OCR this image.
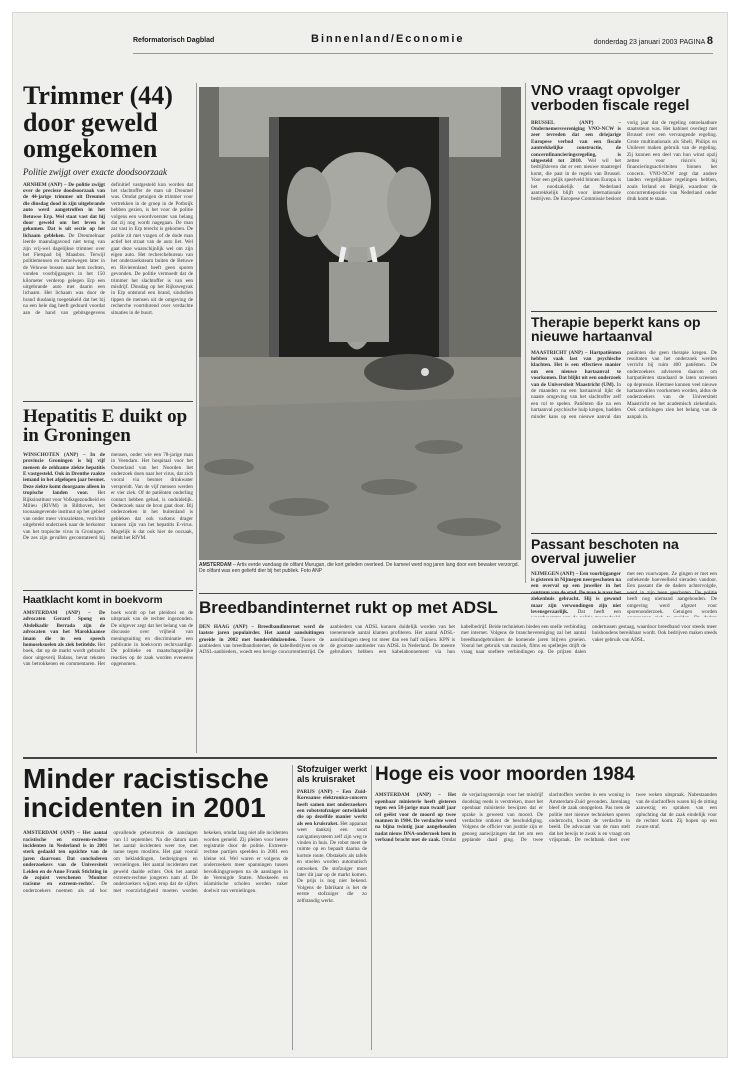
Reformatorisch Dagblad	Binnenland/Economie	donderdag 23 januari 2003 PAGINA 8
Trimmer (44) door geweld omgekomen
Politie zwijgt over exacte doodsoorzaak
ARNHEM (ANP) – De politie zwijgt over de precieze doodsoorzaak van de 44-jarige trimmer uit Dreumel die dinsdag dood in zijn uitgebrande auto werd aangetroffen in het Betuwse Erp. Wel staat vast dat hij door geweld om het leven is gekomen. Dat is uit sectie op het lichaam gebleken. De Dreumelnaar leerde maandagavond niet terug van zijn vrij-wel dagelijkse trimtoer over het Fietspad bij Maasbos. Terwijl politiemensen en hemelwegen later in de Veluwse bossen naar hem zochten, vonden voorbijgangers in het 150 kilometer verderop gelegen Erp een uitgebrande auto met daarin een lichaam. Het lichaam was door de brand dusdanig toegetakeld dat het bij na een hele dag heeft geduurd voordat aan de hand van gebitsgegevens definitief vastgesteld kon worden dat het slachtoffer de man uit Dreumel was. Omdat getuigen de trimmer voor vertrekken in de groep in de Potbuijk hebben gezien, is het voor de politie volgens een woordvoerster van belang dat zij nog wordt nagegaan. De man zat vast in Erp terecht is gekomen. De politie zit met vragen of de dode man actief het straat van de auto liet. Wel gaat deze waarschijnlijk wel om zijn eigen auto. Het recherchebureau van het onderzoeksteam buiten de Betuwe en Rivierenland heeft geen sporen gevonden. De politie vermoedt dat de trimmer het slachtoffer is van een misdrijf. Dinsdag op het Rijkswegvak in Erp ontstond een brand, sindsdien tippen de mensen uit de omgeving de recherche voortdurend over verdachte situaties in de buurt.
Hepatitis E duikt op in Groningen
WINSCHOTEN (ANP) – In de provincie Groningen is bij vijf mensen de zeldzame ziekte hepatitis E vastgesteld. Ook in Drenthe raakte iemand in het afgelopen jaar besmet. Deze ziekte komt doorgaans alleen in tropische landen voor. Het Rijksinstituut voor Volksgezondheid en Milieu (RIVM) in Bilthoven, het toonaangevende instituut op het gebied van onder meer virusziekten, verrichte uitgebreid onderzoek naar de herkomst van het tropische virus in Groningen. De zes zijn gevallen geconstateerd bij mensen, onder wie een 78-jarige man in Veendam. Het hospitaal voor het Oosterland van het Noorden liet onderzoek doen naar het virus, dat zich vooral via besmet drinkwater verspreidt. Van de vijf mensen werden er vier ziek. Of de patiënten onderling contact hebben gehad, is onduidelijk. Onderzoek naar de bron gaat door. Bij onderzoeken in het buitenland is gebleken dat ook varkens drager kunnen zijn van het hepatitis E-virus. Mogelijk is dat ook hier de oorzaak, meldt het RIVM.
Haatklacht komt in boekvorm
AMSTERDAM (ANP) – De advocaten Gerard Spong en Abdelkadir Berrada zijn de advocaten van het Marokkaanse imam die in een speech homoseksuelen als ziek betitelde. Het boek, dat op de markt wordt gebracht door uitgeverij Balans, bevat teksten van betrokkenen en commentaren. Het boek wordt op het pleidooi en de uitspraak van de rechter ingezonden. De uitgever zegt dat het belang van de discussie over vrijheid van meningsuiting en discriminatie een publicatie in boekvorm rechtvaardigt. De politieke en maatschappelijke reacties op de zaak worden eveneens opgenomen.
AMSTERDAM – Artis eerde vandaag de olifant Murugan, die kort geleden overleed. De kameel werd nog jaren lang door een bewaker verzorgd. De olifant was een geliefd dier bij het publiek. Foto ANP
VNO vraagt opvolger verboden fiscale regel
BRUSSEL (ANP) – Ondernemersvereniging VNO-NCW is zeer tevreden dat een driejarige Europese verbod van een fiscale aantrekkelijke constructie, de concernfinancieringsregeling, is uitgesteld tot 2010. Wel wil het bedrijfsleven dat er een nieuwe maatregel komt, die past in de regels van Brussel. Voor een gelijk speelveld binnen Europa is het noodzakelijk dat Nederland aantrekkelijk blijft voor internationale bedrijven. De Europese Commissie besloot vorig jaar dat de regeling ontoelaatbare staatssteun was. Het kabinet overlegt met Brussel over een vervangende regeling. Grote multinationals als Shell, Philips en Unilever maken gebruik van de regeling. Zij kunnen een deel van hun winst opzij zetten voor risico's bij financieringsactiviteiten binnen het concern. VNO-NCW zegt dat andere landen vergelijkbare regelingen hebben, zoals Ierland en België, waardoor de concurrentiepositie van Nederland onder druk komt te staan.
Therapie beperkt kans op nieuwe hartaanval
MAASTRICHT (ANP) – Hartpatiënten hebben vaak last van psychische klachten. Het is een effectieve manier om een nieuwe hartaanval te voorkomen. Dat blijkt uit een onderzoek van de Universiteit Maastricht (UM). In de maanden na een hartaanval lijkt de naaste omgeving van het slachtoffer zelf een rol te spelen. Patiënten die na een hartaanval psychische hulp kregen, hadden minder kans op een nieuwe aanval dan patiënten die geen therapie kregen. De resultaten van het onderzoek werden verricht bij ruim 400 patiënten. De onderzoekers adviseren daarom om hartpatiënten standaard te laten screenen op depressie. Hiermee kunnen veel nieuwe hartaanvallen voorkomen worden, aldus de onderzoekers van de Universiteit Maastricht en het academisch ziekenhuis. Ook cardiologen zien het belang van de aanpak in.
Passant beschoten na overval juwelier
NIJMEGEN (ANP) – Een voorbijganger is gisteren in Nijmegen neergeschoten na een overval op een juwelier in het ziekenhuis gebracht. Hij is gewond maar zijn verwondingen zijn niet levensgevaarlijk. Dat heeft een met een vuurwapen. Ze gingen er met een onbekende hoeveelheid sieraden vandoor. Een passant die de daders achtervolgde, heeft nog niemand aangehouden. De omgeving werd afgezet voor sporenonderzoek. Getuigen worden
Breedbandinternet rukt op met ADSL
DEN HAAG (ANP) – Breedbandinternet werd de laatste jaren populairder. Het aantal aansluitingen groeide in 2002 met honderdduizenden. Tussen de aanbieders van breedbandinternet, de kabelbedrijven en de ADSL-aanbieders, woedt een hevige concurrentiestrijd. De aanbieders van ADSL kunnen duidelijk worden van het toenemende aantal klanten profiteren. Het aantal ADSL-aansluitingen steeg tot meer dan een half miljoen. KPN is de grootste aanbieder van ADSL in Nederland. De meeste gebruikers hebben een kabelabonnement via hun kabelbedrijf. Beide technieken bieden een snelle verbinding met internet. Volgens de branchevereniging zal het aantal breedbandgebruikers de komende jaren blijven groeien. Vooral het gebruik van muziek, films en spelletjes drijft de vraag naar snellere verbindingen op. De prijzen dalen ondertussen gestaag, waardoor breedband voor steeds meer huishoudens bereikbaar wordt. Ook bedrijven maken steeds vaker gebruik van ADSL.
Minder racistische incidenten in 2001
AMSTERDAM (ANP) – Het aantal racistische en extreem-rechtse incidenten in Nederland is in 2001 sterk gedaald ten opzichte van de jaren daarvoor. Dat concluderen onderzoekers van de Universiteit Leiden en de Anne Frank Stichting in de zojuist verschenen 'Monitor racisme en extreem-rechts'. De onderzoekers noemen als ad hoc opvallende gebeurtenis de aanslagen van 11 september. Na die datum nam het aantal incidenten weer toe, met name tegen moslims. Het gaat vooral om bekladdingen, bedreigingen en vernielingen. Het aantal incidenten met geweld daalde echter. Ook het aantal extreem-rechtse jongeren nam af. De onderzoekers wijzen erop dat de cijfers met voorzichtigheid moeten worden bekeken, omdat lang niet alle incidenten worden gemeld. Zij pleiten voor betere registratie door de politie. Extreem-rechtse partijen speelden in 2001 een kleine rol. Wel waren er volgens de onderzoekers meer spanningen tussen bevolkingsgroepen na de aanslagen in de Verenigde Staten. Moskeeën en islamitische scholen werden vaker doelwit van vernielingen.
Stofzuiger werkt als kruisraket
PARIJS (ANP) – Een Zuid-Koreaanse elektronica-concern heeft samen met onderzoekers een robotstofzuiger ontwikkeld die op dezelfde manier werkt als een kruisraket. Het apparaat weet dankzij een soort navigatiesysteem zelf zijn weg te vinden in huis. De robot meet de ruimte op en bepaalt daarna de kortste route. Obstakels als tafels en stoelen worden automatisch ontweken. De stofzuiger moet later dit jaar op de markt komen. De prijs is nog niet bekend. Volgens de fabrikant is het de eerste stofzuiger die zo zelfstandig werkt.
Hoge eis voor moorden 1984
AMSTERDAM (ANP) – Het openbaar ministerie heeft gisteren tegen een 58-jarige man twaalf jaar cel geëist voor de moord op twee mannen in 1984. De verdachte werd na bijna twintig jaar aangehouden nadat nieuw DNA-onderzoek hem in verband bracht met de zaak. Omdat de verjaringstermijn voor het misdrijf doodslag reeds is verstreken, moet het openbaar ministerie bewijzen dat er sprake is geweest van moord. De verdachte ontkent de beschuldiging. Volgens de officier van justitie zijn er genoeg aanwijzingen dat het om een geplande daad ging. De twee slachtoffers werden in een woning in Amsterdam-Zuid gevonden. Jarenlang bleef de zaak onopgelost. Pas toen de politie met nieuwe technieken sporen onderzocht, kwam de verdachte in beeld. De advocaat van de man stelt dat het bewijs te zwak is en vraagt om vrijspraak. De rechtbank doet over twee weken uitspraak. Nabestaanden van de slachtoffers waren bij de zitting aanwezig en spraken van een opluchting dat de zaak eindelijk voor de rechter komt. Zij hopen op een zware straf.
